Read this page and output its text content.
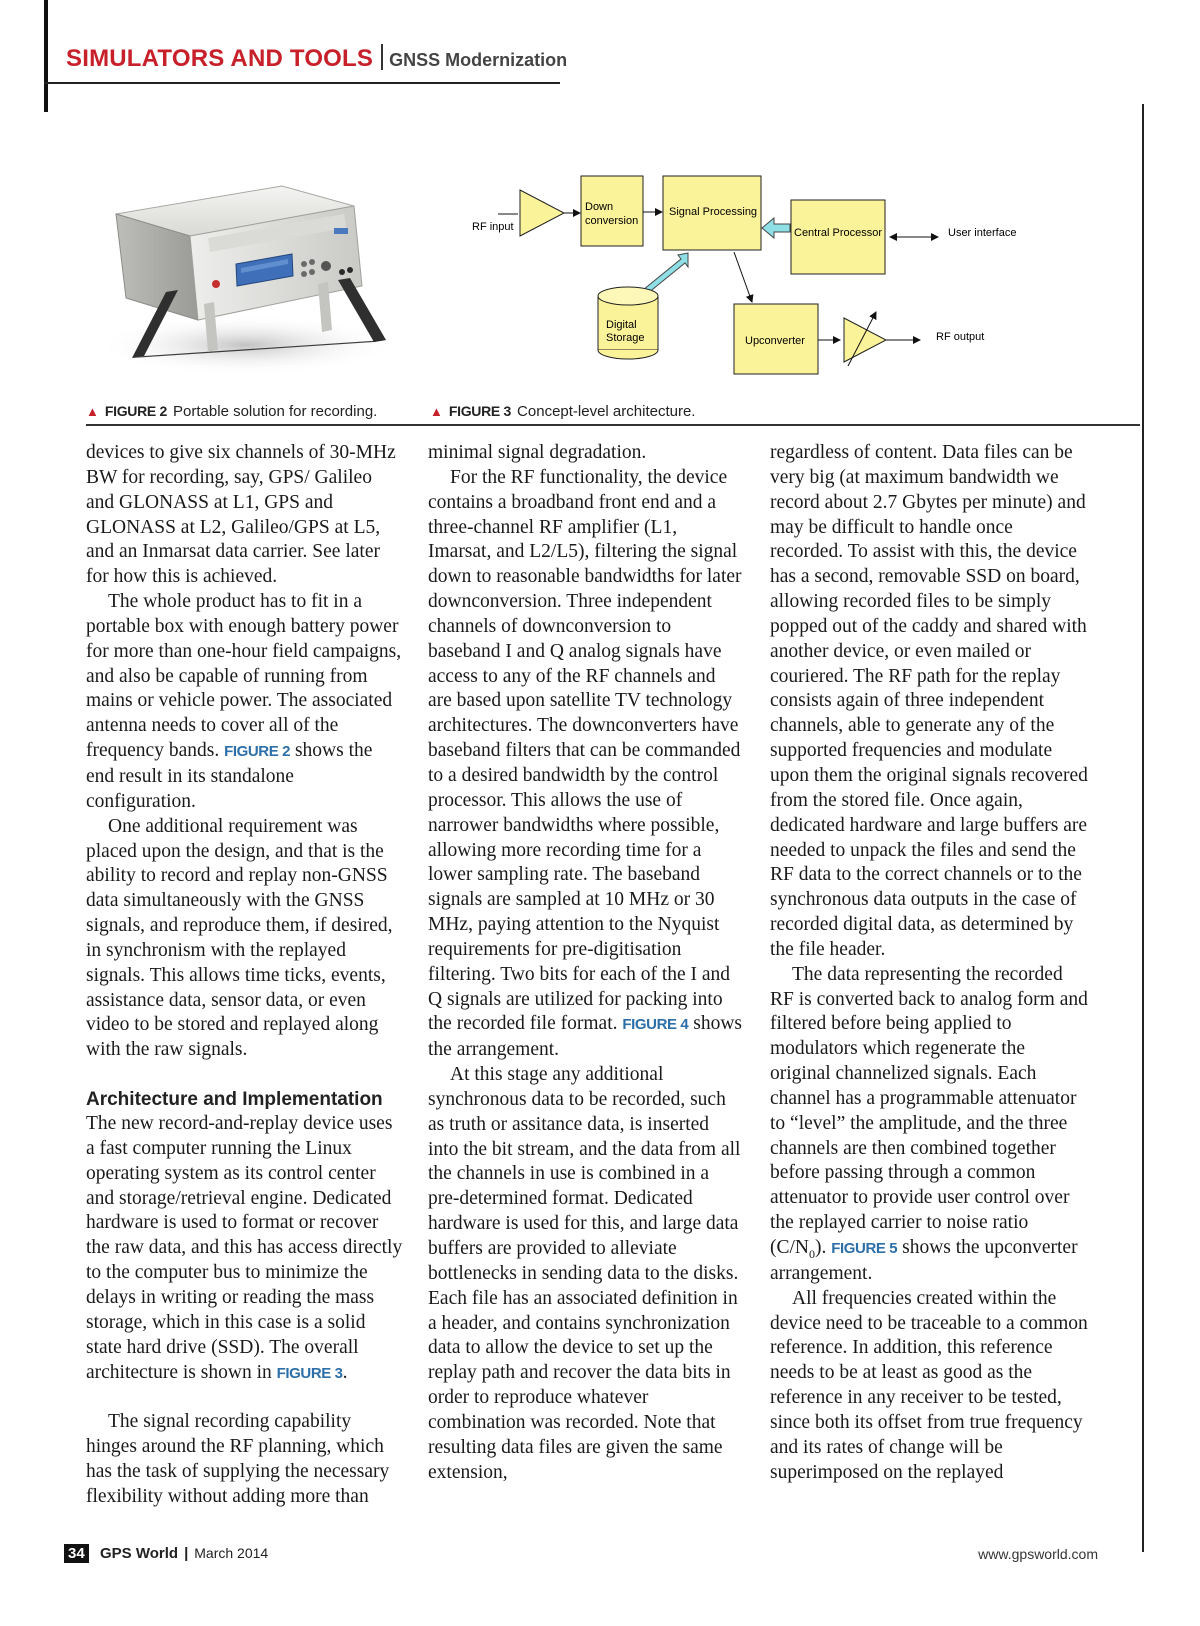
SIMULATORS AND TOOLS GNSS Modernization
RF input
Down
conversion
Signal Processing
Central Processor	User interface
Digital
Storage	Upconverter	RF output
▲ FIGURE 2 Portable solution for recording.	▲ FIGURE 3 Concept-level architecture.

devices to give six channels of 30-MHz BW for recording, say, GPS/ Galileo and GLONASS at L1, GPS and GLONASS at L2, Galileo/GPS at L5, and an Inmarsat data carrier. See later for how this is achieved.

The whole product has to fit in a portable box with enough battery power for more than one-hour field campaigns, and also be capable of running from mains or vehicle power. The associated antenna needs to cover all of the frequency bands. FIGURE 2 shows the end result in its standalone configuration.

One additional requirement was placed upon the design, and that is the ability to record and replay non-GNSS data simultaneously with the GNSS signals, and reproduce them, if desired, in synchronism with the replayed signals. This allows time ticks, events, assistance data, sensor data, or even video to be stored and replayed along with the raw signals.

Architecture and Implementation

The new record-and-replay device uses a fast computer running the Linux operating system as its control center and storage/retrieval engine. Dedicated hardware is used to format or recover the raw data, and this has access directly to the computer bus to minimize the delays in writing or reading the mass storage, which in this case is a solid state hard drive (SSD). The overall architecture is shown in FIGURE 3.

The signal recording capability hinges around the RF planning, which has the task of supplying the necessary flexibility without adding more than

minimal signal degradation.

For the RF functionality, the device contains a broadband front end and a three-channel RF amplifier (L1, Imarsat, and L2/L5), filtering the signal down to reasonable bandwidths for later downconversion. Three independent channels of downconversion to baseband I and Q analog signals have access to any of the RF channels and are based upon satellite TV technology architectures. The downconverters have baseband filters that can be commanded to a desired bandwidth by the control processor. This allows the use of narrower bandwidths where possible, allowing more recording time for a lower sampling rate. The baseband signals are sampled at 10 MHz or 30 MHz, paying attention to the Nyquist requirements for pre-digitisation filtering. Two bits for each of the I and Q signals are utilized for packing into the recorded file format. FIGURE 4 shows the arrangement.

At this stage any additional synchronous data to be recorded, such as truth or assitance data, is inserted into the bit stream, and the data from all the channels in use is combined in a pre-determined format. Dedicated hardware is used for this, and large data buffers are provided to alleviate bottlenecks in sending data to the disks. Each file has an associated definition in a header, and contains synchronization data to allow the device to set up the replay path and recover the data bits in order to reproduce whatever combination was recorded. Note that resulting data files are given the same extension,

regardless of content. Data files can be very big (at maximum bandwidth we record about 2.7 Gbytes per minute) and may be difficult to handle once recorded. To assist with this, the device has a second, removable SSD on board, allowing recorded files to be simply popped out of the caddy and shared with another device, or even mailed or couriered. The RF path for the replay consists again of three independent channels, able to generate any of the supported frequencies and modulate upon them the original signals recovered from the stored file. Once again, dedicated hardware and large buffers are needed to unpack the files and send the RF data to the correct channels or to the synchronous data outputs in the case of recorded digital data, as determined by the file header.

The data representing the recorded RF is converted back to analog form and filtered before being applied to modulators which regenerate the original channelized signals. Each channel has a programmable attenuator to “level” the amplitude, and the three channels are then combined together before passing through a common attenuator to provide user control over the replayed carrier to noise ratio $(C/N_0)$. FIGURE 5 shows the upconverter arrangement.

All frequencies created within the device need to be traceable to a common reference. In addition, this reference needs to be at least as good as the reference in any receiver to be tested, since both its offset from true frequency and its rates of change will be superimposed on the replayed

34 GPS World | March 2014	www.gpsworld.com
